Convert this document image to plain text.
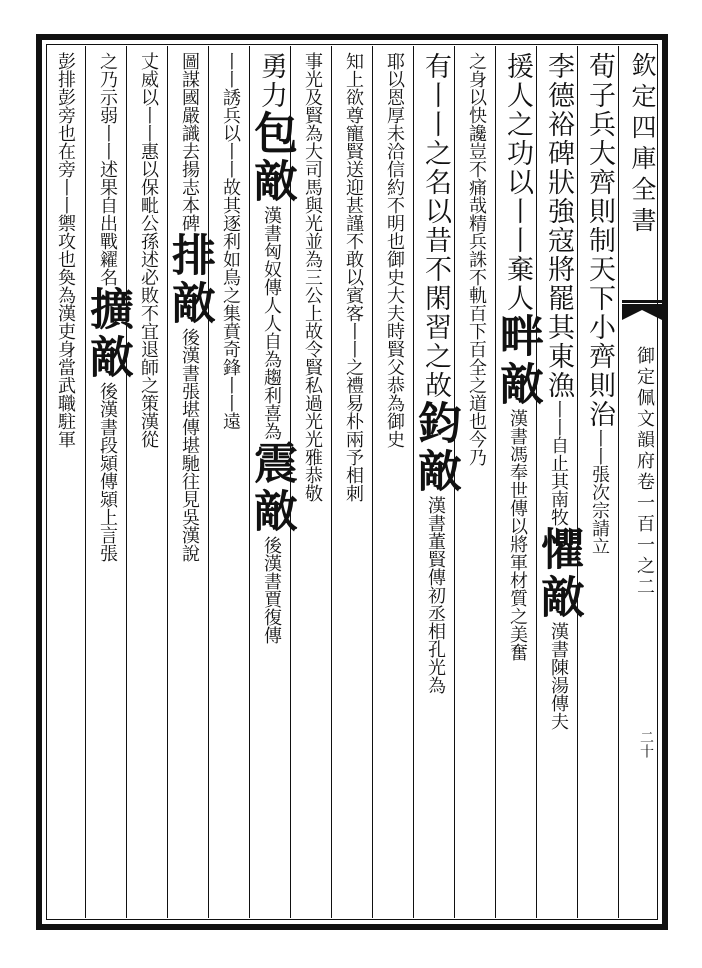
欽定四庫全書
御定佩文韻府卷一百一之二
二十
荀子兵大齊則制天下小齊則治丨丨張次宗請立
李德裕碑狀強寇將罷其東漁丨丨自止其南牧懼敵漢書陳湯傳夫
援人之功以丨丨棄人畔敵漢書馮奉世傳以將軍材質之美奮
之身以快讒豈不痛哉精兵誅不軌百下百全之道也今乃
有丨丨之名以昔不閑習之故鈞敵漢書董賢傳初丞相孔光為
耶以恩厚未洽信約不明也御史大夫時賢父恭為御史
知上欲尊寵賢送迎甚謹不敢以賓客丨丨之禮易朴兩予相刺
事光及賢為大司馬與光並為三公上故令賢私過光光雅恭敬
勇力包敵漢書匈奴傳人人自為趨利喜為震敵後漢書賈復傳
丨丨誘兵以丨丨故其逐利如鳥之集賁奇鋒丨丨遠
圖謀國嚴識去揚志本碑排敵後漢書張堪傳堪馳往見吳漢說
丈威以丨丨惠以保毗公孫述必敗不宜退師之策漢從
之乃示弱丨丨述果自出戰糴名擴敵後漢書段熲傳熲上言張
彭排彭旁也在旁丨丨禦攻也奐為漢吏身當武職駐軍
